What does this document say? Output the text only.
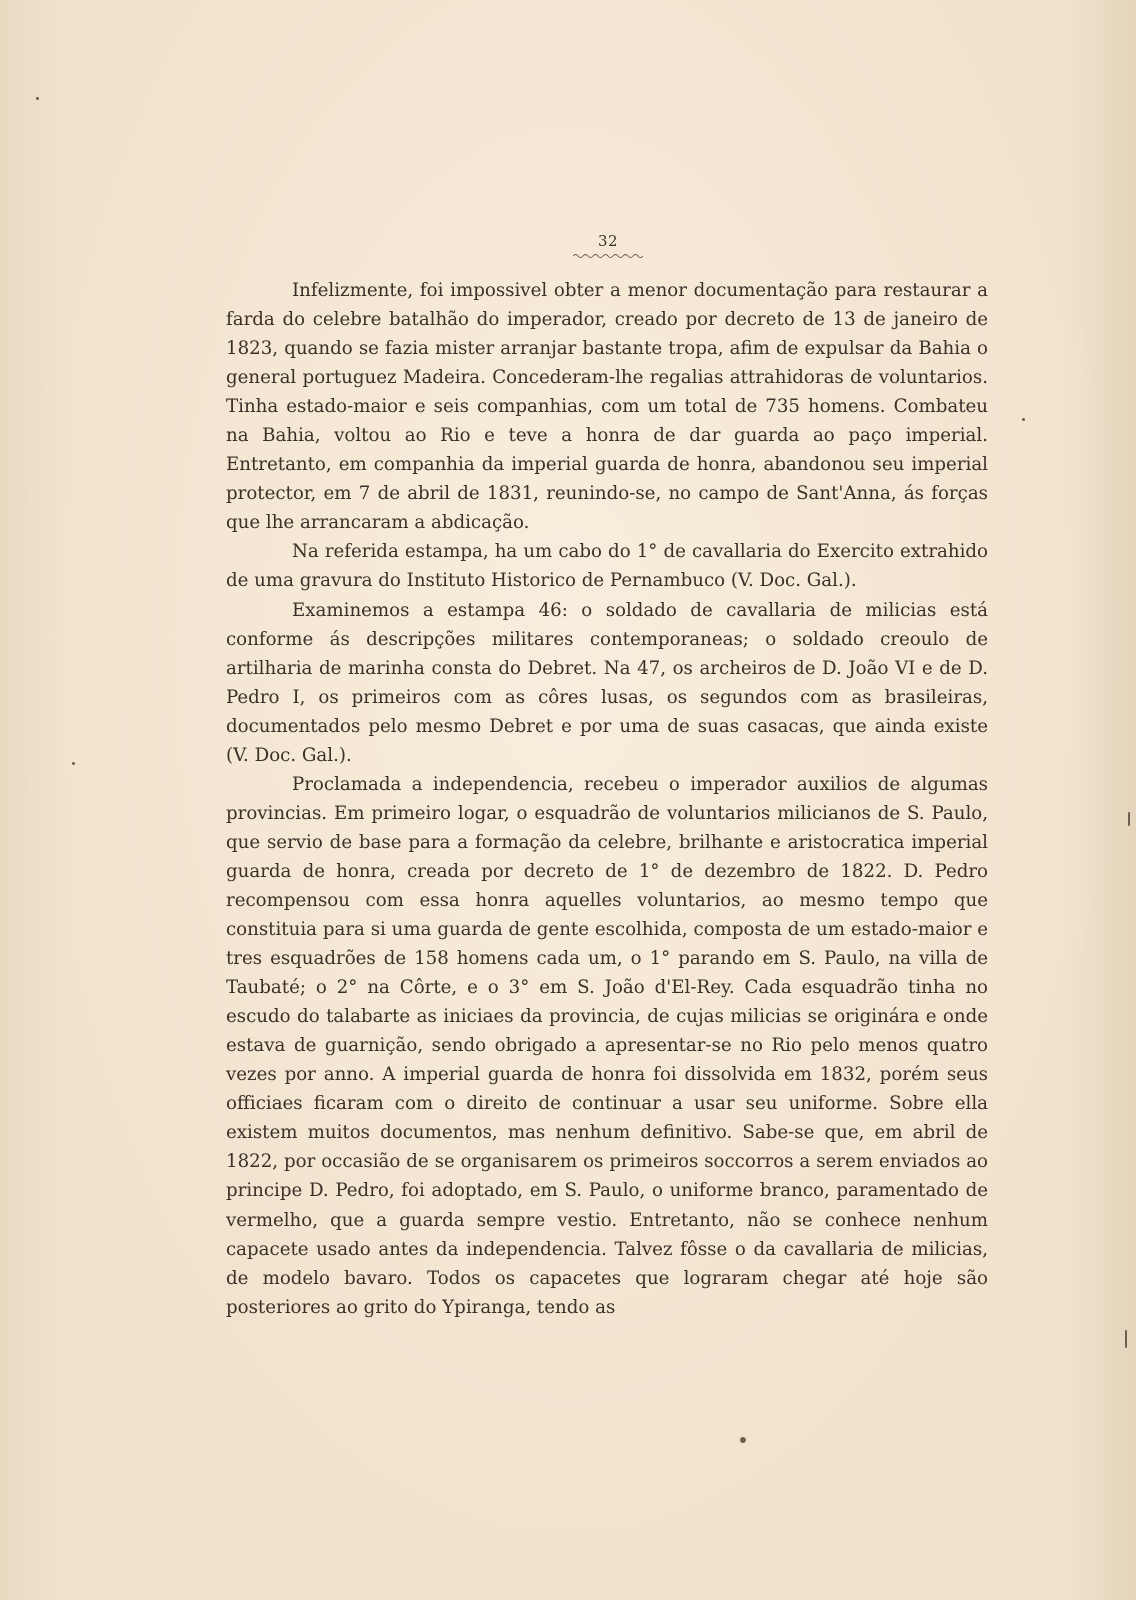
32

Infelizmente, foi impossivel obter a menor documentação para restaurar a farda do celebre batalhão do imperador, creado por decreto de 13 de janeiro de 1823, quando se fazia mister arranjar bastante tropa, afim de expulsar da Bahia o general portuguez Madeira. Concederam-lhe regalias attrahidoras de voluntarios. Tinha estado-maior e seis companhias, com um total de 735 homens. Combateu na Bahia, voltou ao Rio e teve a honra de dar guarda ao paço imperial. Entretanto, em companhia da imperial guarda de honra, abandonou seu imperial protector, em 7 de abril de 1831, reunindo-se, no campo de Sant'Anna, ás forças que lhe arrancaram a abdicação.

Na referida estampa, ha um cabo do 1° de cavallaria do Exercito extrahido de uma gravura do Instituto Historico de Pernambuco (V. Doc. Gal.).

Examinemos a estampa 46: o soldado de cavallaria de milicias está conforme ás descripções militares contemporaneas; o soldado creoulo de artilharia de marinha consta do Debret. Na 47, os archeiros de D. João VI e de D. Pedro I, os primeiros com as côres lusas, os segundos com as brasileiras, documentados pelo mesmo Debret e por uma de suas casacas, que ainda existe (V. Doc. Gal.).

Proclamada a independencia, recebeu o imperador auxilios de algumas provincias. Em primeiro logar, o esquadrão de voluntarios milicianos de S. Paulo, que servio de base para a formação da celebre, brilhante e aristocratica imperial guarda de honra, creada por decreto de 1° de dezembro de 1822. D. Pedro recompensou com essa honra aquelles voluntarios, ao mesmo tempo que constituia para si uma guarda de gente escolhida, composta de um estado-maior e tres esquadrões de 158 homens cada um, o 1° parando em S. Paulo, na villa de Taubaté; o 2° na Côrte, e o 3° em S. João d'El-Rey. Cada esquadrão tinha no escudo do talabarte as iniciaes da provincia, de cujas milicias se originára e onde estava de guarnição, sendo obrigado a apresentar-se no Rio pelo menos quatro vezes por anno. A imperial guarda de honra foi dissolvida em 1832, porém seus officiaes ficaram com o direito de continuar a usar seu uniforme. Sobre ella existem muitos documentos, mas nenhum definitivo. Sabe-se que, em abril de 1822, por occasião de se organisarem os primeiros soccorros a serem enviados ao principe D. Pedro, foi adoptado, em S. Paulo, o uniforme branco, paramentado de vermelho, que a guarda sempre vestio. Entretanto, não se conhece nenhum capacete usado antes da independencia. Talvez fôsse o da cavallaria de milicias, de modelo bavaro. Todos os capacetes que lograram chegar até hoje são posteriores ao grito do Ypiranga, tendo as
